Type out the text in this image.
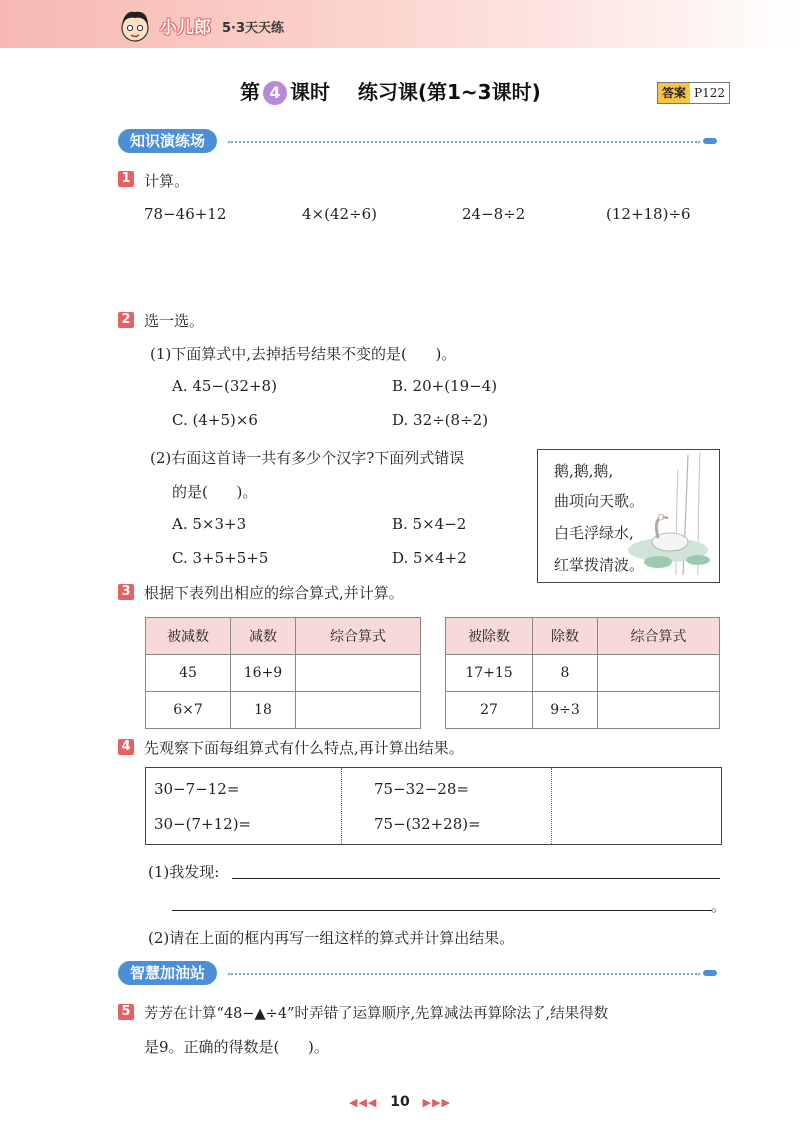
小儿郎 5·3天天练
第 4 课时    练习课(第1~3课时)	答案 P122
知识演练场
1 计算。
78−46+12	4×(42÷6)	24−8÷2	(12+18)÷6
2 选一选。
(1)下面算式中,去掉括号结果不变的是(      )。
A. 45−(32+8)	B. 20+(19−4)
C. (4+5)×6	D. 32÷(8÷2)
(2)右面这首诗一共有多少个汉字?下面列式错误
的是(      )。
A. 5×3+3	B. 5×4−2
C. 3+5+5+5	D. 5×4+2
鹅,鹅,鹅,
曲项向天歌。
白毛浮绿水,
红掌拨清波。
3 根据下表列出相应的综合算式,并计算。
被减数	减数	综合算式
45	16+9	
6×7	18	
被除数	除数	综合算式
17+15	8	
27	9÷3	
4 先观察下面每组算式有什么特点,再计算出结果。
30−7−12=
30−(7+12)=
75−32−28=
75−(32+28)=
(1)我发现:
。
(2)请在上面的框内再写一组这样的算式并计算出结果。
智慧加油站
5 芳芳在计算“48−▲÷4”时弄错了运算顺序,先算减法再算除法了,结果得数
是9。正确的得数是(      )。
◀◀◀ 10 ▶▶▶
